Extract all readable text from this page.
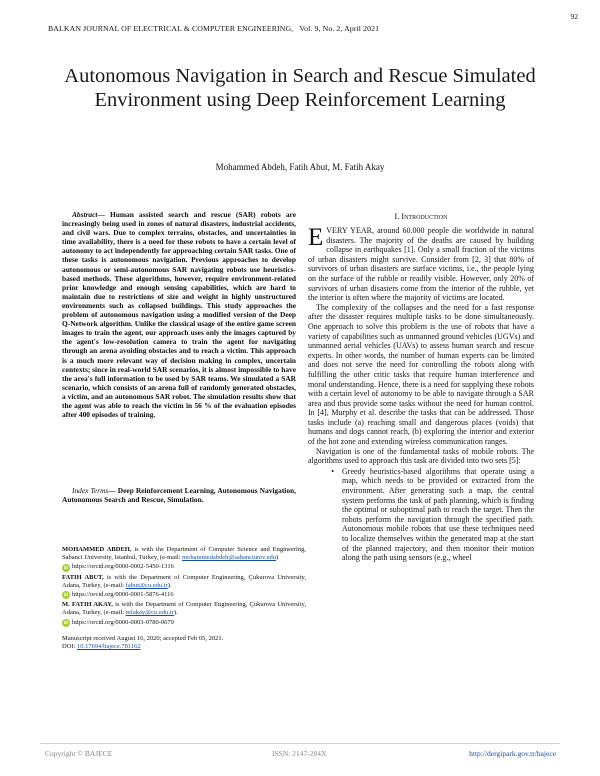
92
BALKAN JOURNAL OF ELECTRICAL & COMPUTER ENGINEERING, Vol. 9, No. 2, April 2021
Autonomous Navigation in Search and Rescue Simulated Environment using Deep Reinforcement Learning
Mohammed Abdeh, Fatih Abut, M. Fatih Akay
Abstract— Human assisted search and rescue (SAR) robots are increasingly being used in zones of natural disasters, industrial accidents, and civil wars. Due to complex terrains, obstacles, and uncertainties in time availability, there is a need for these robots to have a certain level of autonomy to act independently for approaching certain SAR tasks. One of these tasks is autonomous navigation. Previous approaches to develop autonomous or semi-autonomous SAR navigating robots use heuristics-based methods. These algorithms, however, require environment-related prior knowledge and enough sensing capabilities, which are hard to maintain due to restrictions of size and weight in highly unstructured environments such as collapsed buildings. This study approaches the problem of autonomous navigation using a modified version of the Deep Q-Network algorithm. Unlike the classical usage of the entire game screen images to train the agent, our approach uses only the images captured by the agent's low-resolution camera to train the agent for navigating through an arena avoiding obstacles and to reach a victim. This approach is a much more relevant way of decision making in complex, uncertain contexts; since in real-world SAR scenarios, it is almost impossible to have the area's full information to be used by SAR teams. We simulated a SAR scenario, which consists of an arena full of randomly generated obstacles, a victim, and an autonomous SAR robot. The simulation results show that the agent was able to reach the victim in 56 % of the evaluation episodes after 400 episodes of training.
Index Terms— Deep Reinforcement Learning, Autonomous Navigation, Autonomous Search and Rescue, Simulation.

MOHAMMED ABDEH, is with the Department of Computer Science and Engineering, Sabanci University, Istanbul, Turkey, (e-mail: mohammedabdeh@sabanciuniv.edu)

iD https://orcid.org/0000-0002-5450-1316

FATIH ABUT, is with the Department of Computer Engineering, Çukurova University, Adana, Turkey, (e-mail: fabut@cu.edu.tr).

iD https://orcid.org/0000-0001-5876-4116

M. FATIH AKAY, is with the Department of Computer Engineering, Çukurova University, Adana, Turkey, (e-mail: mfakay@cu.edu.tr).

iD https://orcid.org/0000-0003-0780-0679

Manuscript received August 16, 2020; accepted Feb 05, 2021.

DOI: 10.17694/bajece.781162

I. Introduction

EVERY YEAR, around 60.000 people die worldwide in natural disasters. The majority of the deaths are caused by building collapse in earthquakes [1]. Only a small fraction of the victims of urban disasters might survive. Consider from [2, 3] that 80% of survivors of urban disasters are surface victims, i.e., the people lying on the surface of the rubble or readily visible. However, only 20% of survivors of urban disasters come from the interior of the rubble, yet the interior is often where the majority of victims are located.

The complexity of the collapses and the need for a fast response after the disaster requires multiple tasks to be done simultaneously. One approach to solve this problem is the use of robots that have a variety of capabilities such as unmanned ground vehicles (UGVs) and unmanned aerial vehicles (UAVs) to assess human search and rescue experts. In other words, the number of human experts can be limited and does not serve the need for controlling the robots along with fulfilling the other critic tasks that require human interference and moral understanding. Hence, there is a need for supplying these robots with a certain level of autonomy to be able to navigate through a SAR area and thus provide some tasks without the need for human control. In [4], Murphy et al. describe the tasks that can be addressed. Those tasks include (a) reaching small and dangerous places (voids) that humans and dogs cannot reach, (b) exploring the interior and exterior of the hot zone and extending wireless communication ranges.

Navigation is one of the fundamental tasks of mobile robots. The algorithms used to approach this task are divided into two sets [5]:

•	Greedy heuristics-based algorithms that operate using a map, which needs to be provided or extracted from the environment. After generating such a map, the central system performs the task of path planning, which is finding the optimal or suboptimal path to reach the target. Then the robots perform the navigation through the specified path. Autonomous mobile robots that use these techniques need to localize themselves within the generated map at the start of the planned trajectory, and then monitor their motion along the path using sensors (e.g., wheel
Copyright © BAJECE	ISSN: 2147-284X	http://dergipark.gov.tr/bajece
